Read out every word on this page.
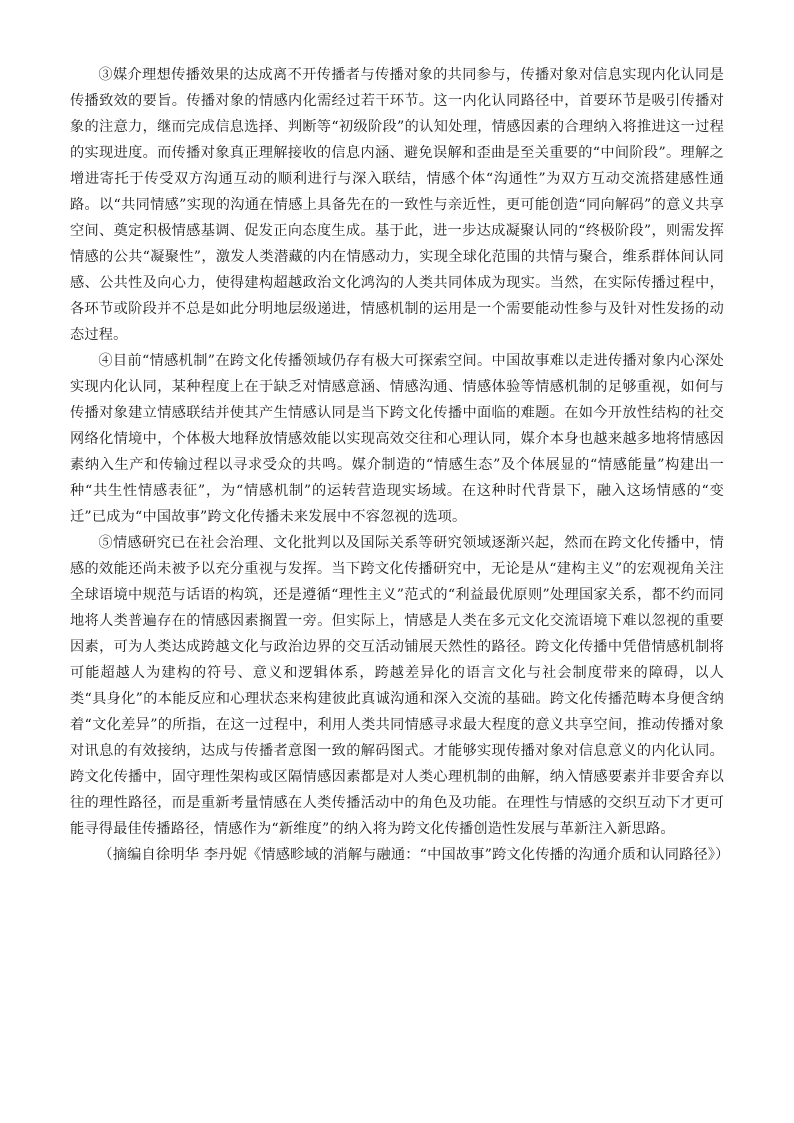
③媒介理想传播效果的达成离不开传播者与传播对象的共同参与，传播对象对信息实现内化认同是传播致效的要旨。传播对象的情感内化需经过若干环节。这一内化认同路径中，首要环节是吸引传播对象的注意力，继而完成信息选择、判断等“初级阶段”的认知处理，情感因素的合理纳入将推进这一过程的实现进度。而传播对象真正理解接收的信息内涵、避免误解和歪曲是至关重要的“中间阶段”。理解之增进寄托于传受双方沟通互动的顺利进行与深入联结，情感个体“沟通性”为双方互动交流搭建感性通路。以“共同情感”实现的沟通在情感上具备先在的一致性与亲近性，更可能创造“同向解码”的意义共享空间、奠定积极情感基调、促发正向态度生成。基于此，进一步达成凝聚认同的“终极阶段”，则需发挥情感的公共“凝聚性”，激发人类潜藏的内在情感动力，实现全球化范围的共情与聚合，维系群体间认同感、公共性及向心力，使得建构超越政治文化鸿沟的人类共同体成为现实。当然，在实际传播过程中，各环节或阶段并不总是如此分明地层级递进，情感机制的运用是一个需要能动性参与及针对性发扬的动态过程。

④目前“情感机制”在跨文化传播领域仍存有极大可探索空间。中国故事难以走进传播对象内心深处实现内化认同，某种程度上在于缺乏对情感意涵、情感沟通、情感体验等情感机制的足够重视，如何与传播对象建立情感联结并使其产生情感认同是当下跨文化传播中面临的难题。在如今开放性结构的社交网络化情境中，个体极大地释放情感效能以实现高效交往和心理认同，媒介本身也越来越多地将情感因素纳入生产和传输过程以寻求受众的共鸣。媒介制造的“情感生态”及个体展显的“情感能量”构建出一种“共生性情感表征”，为“情感机制”的运转营造现实场域。在这种时代背景下，融入这场情感的“变迁”已成为“中国故事”跨文化传播未来发展中不容忽视的选项。

⑤情感研究已在社会治理、文化批判以及国际关系等研究领域逐渐兴起，然而在跨文化传播中，情感的效能还尚未被予以充分重视与发挥。当下跨文化传播研究中，无论是从“建构主义”的宏观视角关注全球语境中规范与话语的构筑，还是遵循“理性主义”范式的“利益最优原则”处理国家关系，都不约而同地将人类普遍存在的情感因素搁置一旁。但实际上，情感是人类在多元文化交流语境下难以忽视的重要因素，可为人类达成跨越文化与政治边界的交互活动铺展天然性的路径。跨文化传播中凭借情感机制将可能超越人为建构的符号、意义和逻辑体系，跨越差异化的语言文化与社会制度带来的障碍，以人类“具身化”的本能反应和心理状态来构建彼此真诚沟通和深入交流的基础。跨文化传播范畴本身便含纳着“文化差异”的所指，在这一过程中，利用人类共同情感寻求最大程度的意义共享空间，推动传播对象对讯息的有效接纳，达成与传播者意图一致的解码图式。才能够实现传播对象对信息意义的内化认同。跨文化传播中，固守理性架构或区隔情感因素都是对人类心理机制的曲解，纳入情感要素并非要舍弃以往的理性路径，而是重新考量情感在人类传播活动中的角色及功能。在理性与情感的交织互动下才更可能寻得最佳传播路径，情感作为“新维度”的纳入将为跨文化传播创造性发展与革新注入新思路。

（摘编自徐明华 李丹妮《情感畛域的消解与融通：“中国故事”跨文化传播的沟通介质和认同路径》）
